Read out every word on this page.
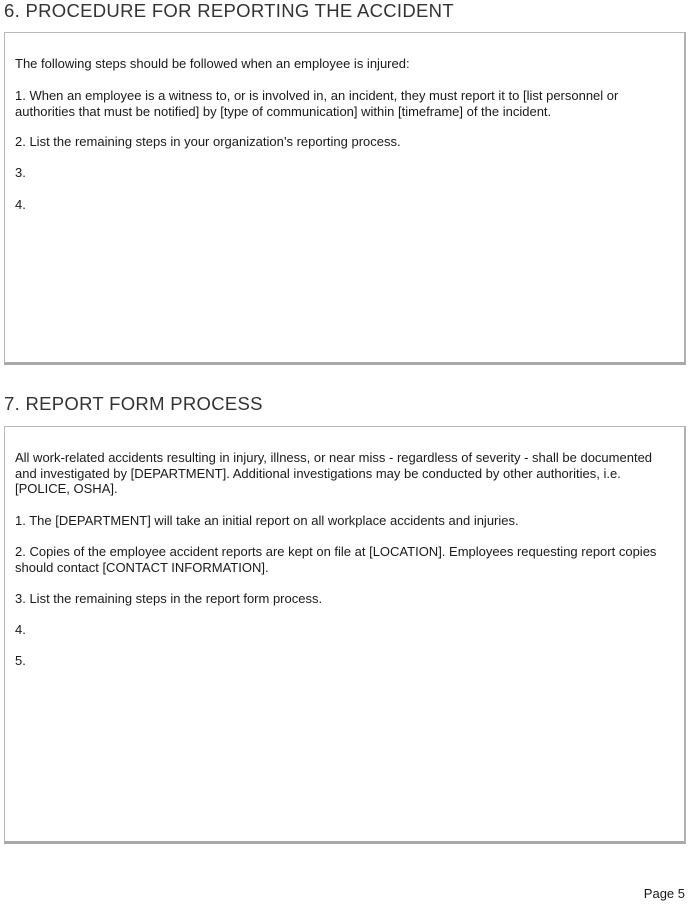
6. PROCEDURE FOR REPORTING THE ACCIDENT

The following steps should be followed when an employee is injured:

1. When an employee is a witness to, or is involved in, an incident, they must report it to [list personnel or authorities that must be notified] by [type of communication] within [timeframe] of the incident.

2. List the remaining steps in your organization’s reporting process.

3.

4.

7. REPORT FORM PROCESS

All work-related accidents resulting in injury, illness, or near miss - regardless of severity - shall be documented and investigated by [DEPARTMENT]. Additional investigations may be conducted by other authorities, i.e. [POLICE, OSHA].

1. The [DEPARTMENT] will take an initial report on all workplace accidents and injuries.

2. Copies of the employee accident reports are kept on file at [LOCATION]. Employees requesting report copies should contact [CONTACT INFORMATION].

3. List the remaining steps in the report form process.

4.

5.

Page 5
